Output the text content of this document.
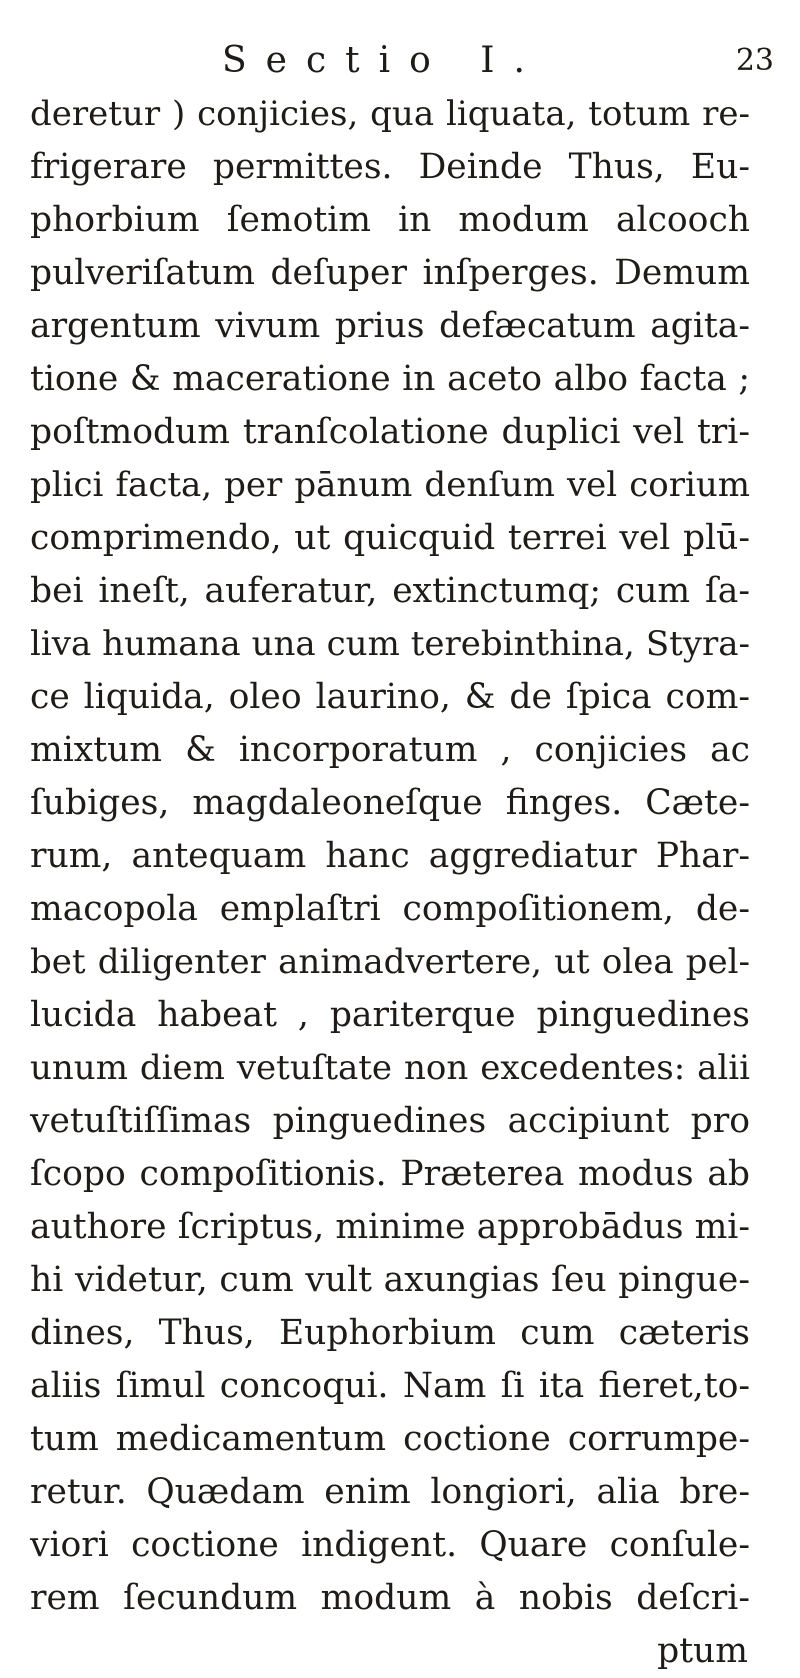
Sectio I.	23
deretur ) conjicies, qua liquata, totum re-
frigerare permittes. Deinde Thus, Eu-
phorbium ſemotim in modum alcooch
pulveriſatum deſuper inſperges. Demum
argentum vivum prius defæcatum agita-
tione & maceratione in aceto albo facta ;
poſtmodum tranſcolatione duplici vel tri-
plici facta, per pānum denſum vel corium
comprimendo, ut quicquid terrei vel plū-
bei ineſt, auferatur, extinctumq; cum ſa-
liva humana una cum terebinthina, Styra-
ce liquida, oleo laurino, & de ſpica com-
mixtum & incorporatum , conjicies ac
ſubiges, magdaleoneſque finges. Cæte-
rum, antequam hanc aggrediatur Phar-
macopola emplaſtri compoſitionem, de-
bet diligenter animadvertere, ut olea pel-
lucida habeat , pariterque pinguedines
unum diem vetuſtate non excedentes: alii
vetuſtiſſimas pinguedines accipiunt pro
ſcopo compoſitionis. Præterea modus ab
authore ſcriptus, minime approbādus mi-
hi videtur, cum vult axungias ſeu pingue-
dines, Thus, Euphorbium cum cæteris
aliis ſimul concoqui. Nam ſi ita fieret,to-
tum medicamentum coctione corrumpe-
retur. Quædam enim longiori, alia bre-
viori coctione indigent. Quare conſule-
rem ſecundum modum à nobis deſcri-
ptum
